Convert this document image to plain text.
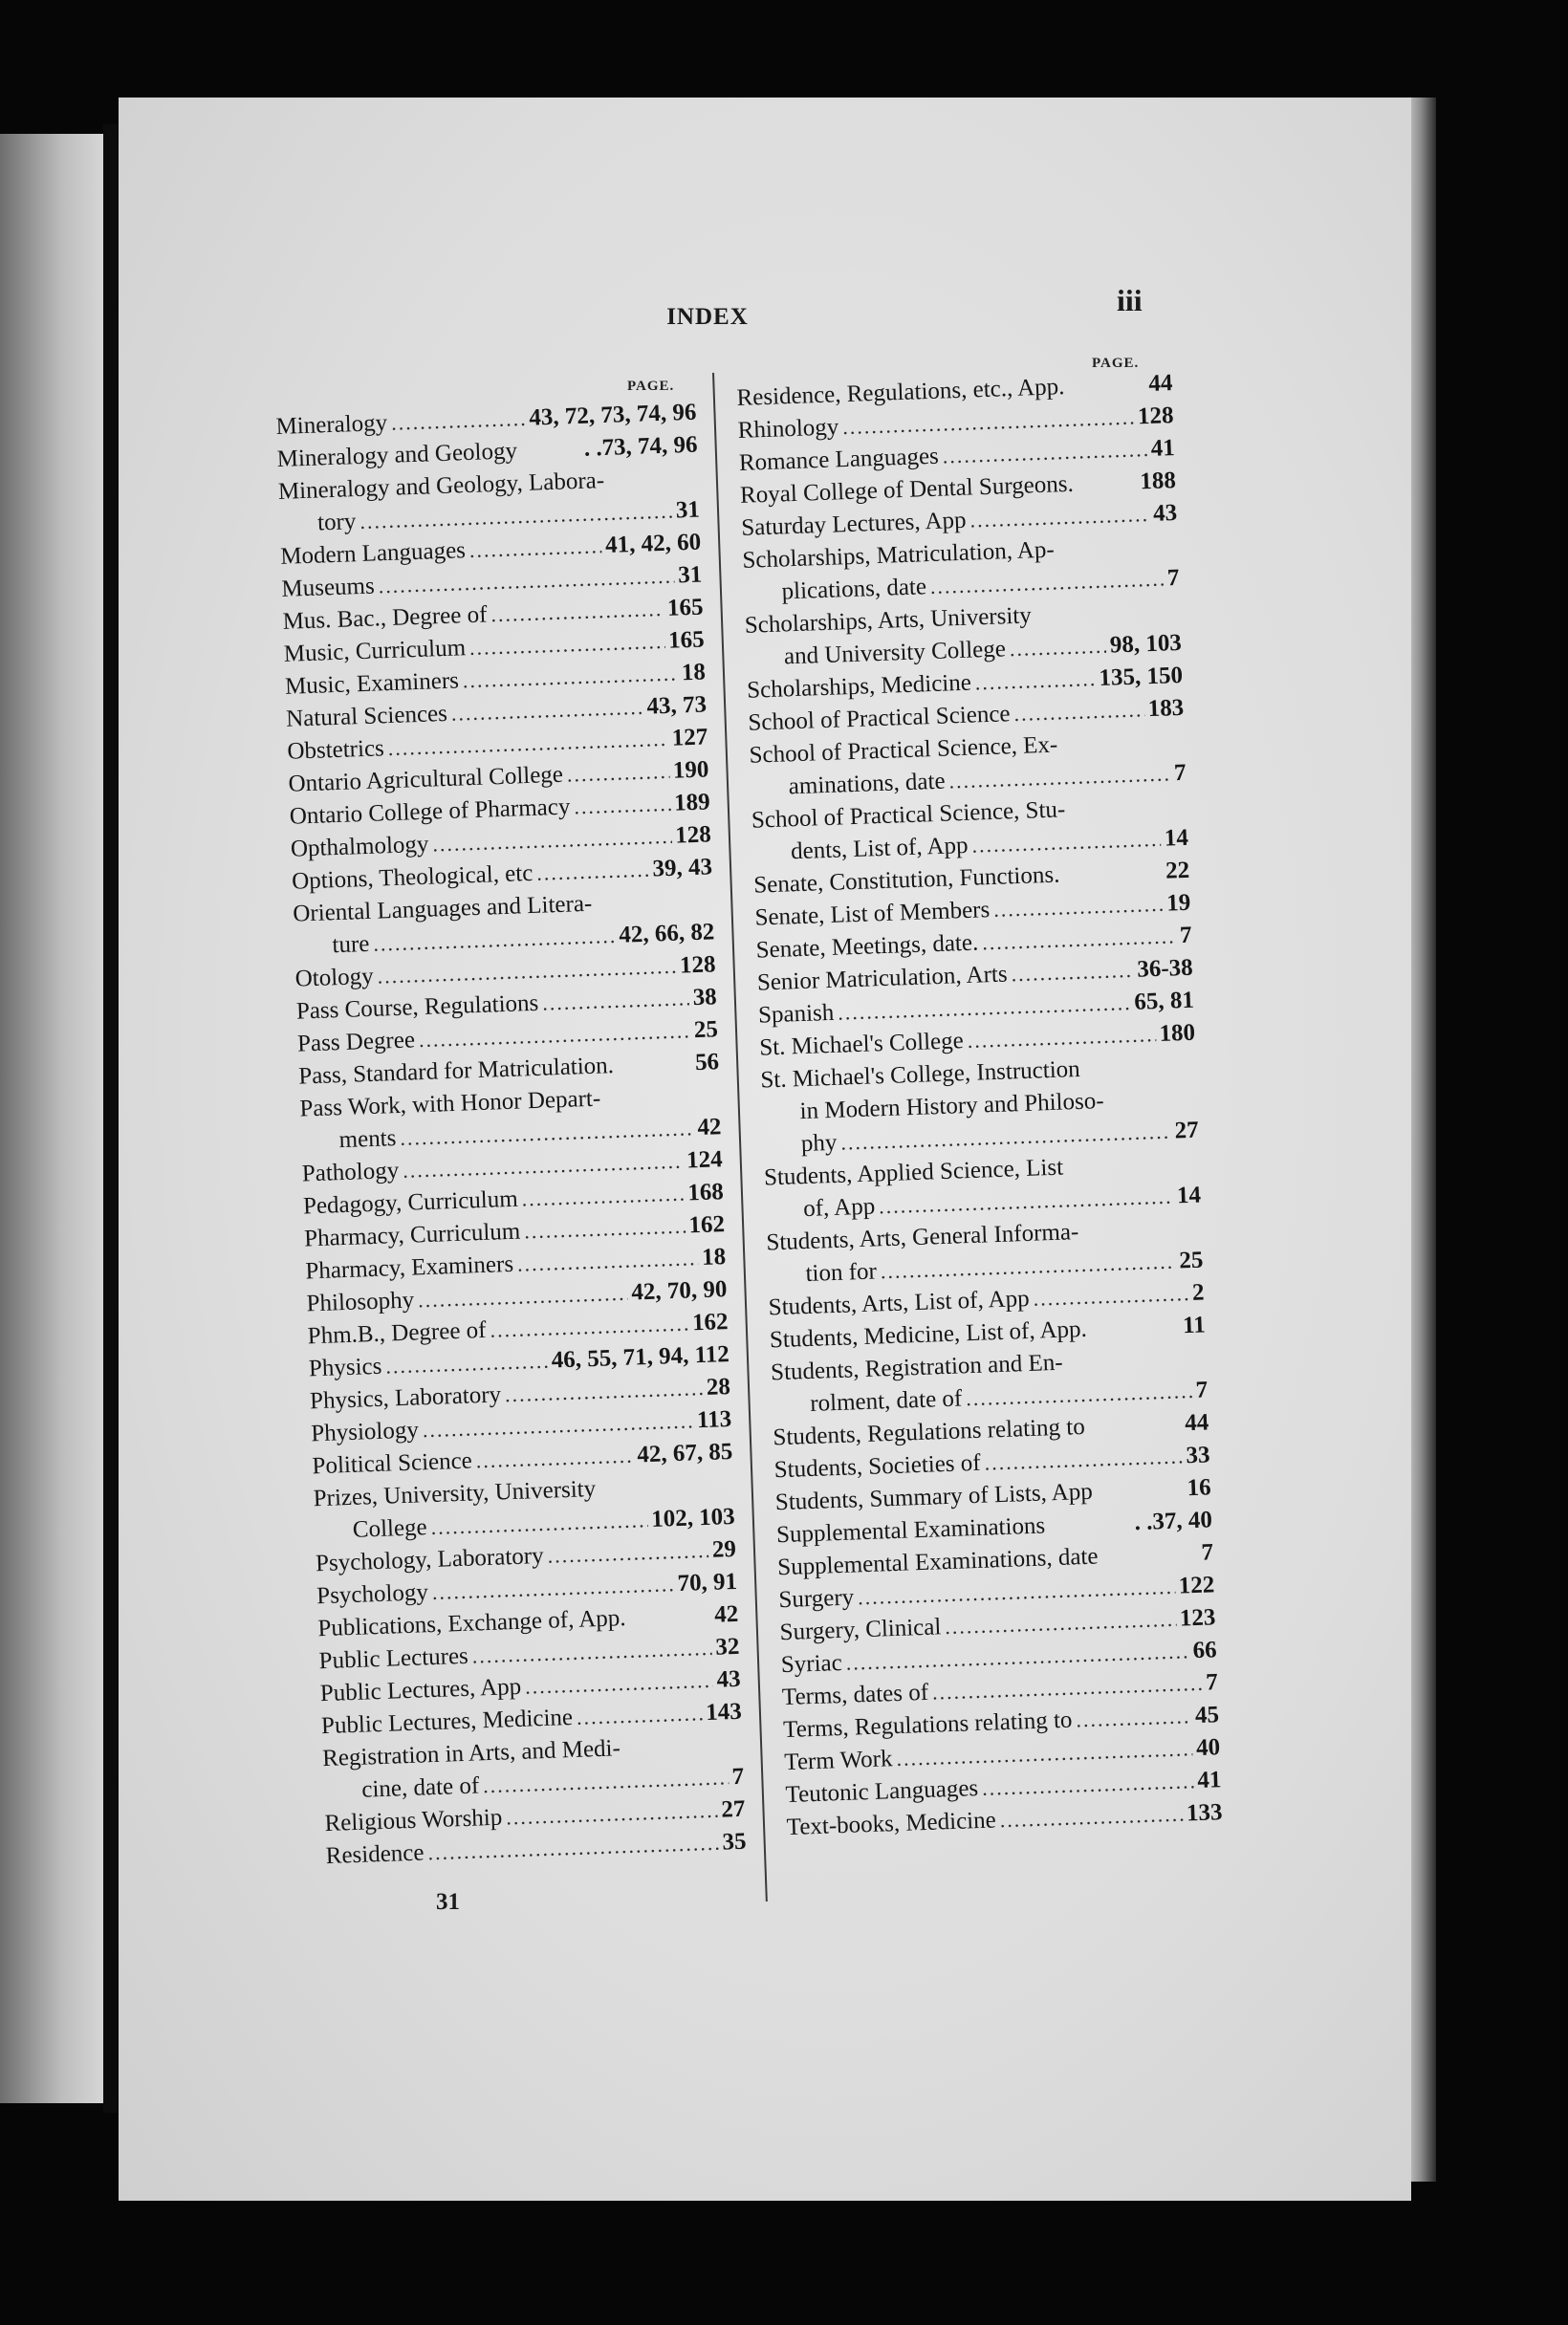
INDEX	iii
PAGE.
PAGE.
Mineralogy .....	43, 72, 73, 74, 96
Mineralogy and Geology	. .73, 74, 96
Mineralogy and Geology, Labora-
tory .....	31
Modern Languages .....	41, 42, 60
Museums .....	31
Mus. Bac., Degree of .....	165
Music, Curriculum .....	165
Music, Examiners .....	18
Natural Sciences .....	43, 73
Obstetrics .....	127
Ontario Agricultural College .....	190
Ontario College of Pharmacy .....	189
Opthalmology .....	128
Options, Theological, etc .....	39, 43
Oriental Languages and Litera-
ture .....	42, 66, 82
Otology .....	128
Pass Course, Regulations .....	38
Pass Degree .....	25
Pass, Standard for Matriculation.	56
Pass Work, with Honor Depart-
ments .....	42
Pathology .....	124
Pedagogy, Curriculum .....	168
Pharmacy, Curriculum .....	162
Pharmacy, Examiners .....	18
Philosophy .....	42, 70, 90
Phm.B., Degree of .....	162
Physics .....	46, 55, 71, 94, 112
Physics, Laboratory .....	28
Physiology .....	113
Political Science .....	42, 67, 85
Prizes, University, University
College .....	102, 103
Psychology, Laboratory .....	29
Psychology .....	70, 91
Publications, Exchange of, App.	42
Public Lectures .....	32
Public Lectures, App .....	43
Public Lectures, Medicine .....	143
Registration in Arts, and Medi-
cine, date of .....	7
Religious Worship .....	27
Residence .....	35
Residence, Regulations, etc., App.	44
Rhinology .....	128
Romance Languages .....	41
Royal College of Dental Surgeons.	188
Saturday Lectures, App .....	43
Scholarships, Matriculation, Ap-
plications, date .....	7
Scholarships, Arts, University
and University College .....	98, 103
Scholarships, Medicine .....	135, 150
School of Practical Science .....	183
School of Practical Science, Ex-
aminations, date .....	7
School of Practical Science, Stu-
dents, List of, App .....	14
Senate, Constitution, Functions.	22
Senate, List of Members .....	19
Senate, Meetings, date. .....	7
Senior Matriculation, Arts .....	36-38
Spanish .....	65, 81
St. Michael's College .....	180
St. Michael's College, Instruction
in Modern History and Philoso-
phy .....	27
Students, Applied Science, List
of, App .....	14
Students, Arts, General Informa-
tion for .....	25
Students, Arts, List of, App .....	2
Students, Medicine, List of, App.	11
Students, Registration and En-
rolment, date of .....	7
Students, Regulations relating to	44
Students, Societies of .....	33
Students, Summary of Lists, App	16
Supplemental Examinations	. .37, 40
Supplemental Examinations, date	7
Surgery .....	122
Surgery, Clinical .....	123
Syriac .....	66
Terms, dates of .....	7
Terms, Regulations relating to .....	45
Term Work .....	40
Teutonic Languages .....	41
Text-books, Medicine .....	133
31
